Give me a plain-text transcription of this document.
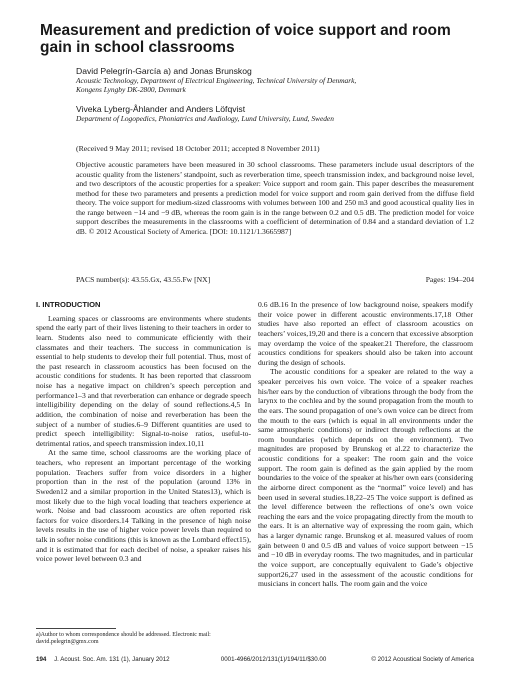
Measurement and prediction of voice support and room gain in school classrooms
David Pelegrín-García a) and Jonas Brunskog
Acoustic Technology, Department of Electrical Engineering, Technical University of Denmark,
Kongens Lyngby DK-2800, Denmark
Viveka Lyberg-Åhlander and Anders Löfqvist
Department of Logopedics, Phoniatrics and Audiology, Lund University, Lund, Sweden
(Received 9 May 2011; revised 18 October 2011; accepted 8 November 2011)

Objective acoustic parameters have been measured in 30 school classrooms. These parameters include usual descriptors of the acoustic quality from the listeners’ standpoint, such as reverberation time, speech transmission index, and background noise level, and two descriptors of the acoustic properties for a speaker: Voice support and room gain. This paper describes the measurement method for these two parameters and presents a prediction model for voice support and room gain derived from the diffuse field theory. The voice support for medium-sized classrooms with volumes between 100 and 250 m3 and good acoustical quality lies in the range between −14 and −9 dB, whereas the room gain is in the range between 0.2 and 0.5 dB. The prediction model for voice support describes the measurements in the classrooms with a coefficient of determination of 0.84 and a standard deviation of 1.2 dB. © 2012 Acoustical Society of America. [DOI: 10.1121/1.3665987]

PACS number(s): 43.55.Gx, 43.55.Fw [NX]	Pages: 194–204
I. INTRODUCTION

Learning spaces or classrooms are environments where students spend the early part of their lives listening to their teachers in order to learn. Students also need to communicate efficiently with their classmates and their teachers. The success in communication is essential to help students to develop their full potential. Thus, most of the past research in classroom acoustics has been focused on the acoustic conditions for students. It has been reported that classroom noise has a negative impact on children’s speech perception and performance1–3 and that reverberation can enhance or degrade speech intelligibility depending on the delay of sound reflections.4,5 In addition, the combination of noise and reverberation has been the subject of a number of studies.6–9 Different quantities are used to predict speech intelligibility: Signal-to-noise ratios, useful-to-detrimental ratios, and speech transmission index.10,11

At the same time, school classrooms are the working place of teachers, who represent an important percentage of the working population. Teachers suffer from voice disorders in a higher proportion than in the rest of the population (around 13% in Sweden12 and a similar proportion in the United States13), which is most likely due to the high vocal loading that teachers experience at work. Noise and bad classroom acoustics are often reported risk factors for voice disorders.14 Talking in the presence of high noise levels results in the use of higher voice power levels than required to talk in softer noise conditions (this is known as the Lombard effect15), and it is estimated that for each decibel of noise, a speaker raises his voice power level between 0.3 and

0.6 dB.16 In the presence of low background noise, speakers modify their voice power in different acoustic environments.17,18 Other studies have also reported an effect of classroom acoustics on teachers’ voices,19,20 and there is a concern that excessive absorption may overdamp the voice of the speaker.21 Therefore, the classroom acoustics conditions for speakers should also be taken into account during the design of schools.

The acoustic conditions for a speaker are related to the way a speaker perceives his own voice. The voice of a speaker reaches his/her ears by the conduction of vibrations through the body from the larynx to the cochlea and by the sound propagation from the mouth to the ears. The sound propagation of one’s own voice can be direct from the mouth to the ears (which is equal in all environments under the same atmospheric conditions) or indirect through reflections at the room boundaries (which depends on the environment). Two magnitudes are proposed by Brunskog et al.22 to characterize the acoustic conditions for a speaker: The room gain and the voice support. The room gain is defined as the gain applied by the room boundaries to the voice of the speaker at his/her own ears (considering the airborne direct component as the “normal” voice level) and has been used in several studies.18,22–25 The voice support is defined as the level difference between the reflections of one’s own voice reaching the ears and the voice propagating directly from the mouth to the ears. It is an alternative way of expressing the room gain, which has a larger dynamic range. Brunskog et al. measured values of room gain between 0 and 0.5 dB and values of voice support between −15 and −10 dB in everyday rooms. The two magnitudes, and in particular the voice support, are conceptually equivalent to Gade’s objective support26,27 used in the assessment of the acoustic conditions for musicians in concert halls. The room gain and the voice

a)Author to whom correspondence should be addressed. Electronic mail: david.pelegrin@gmx.com
194 J. Acoust. Soc. Am. 131 (1), January 2012	0001-4966/2012/131(1)/194/11/$30.00	© 2012 Acoustical Society of America
